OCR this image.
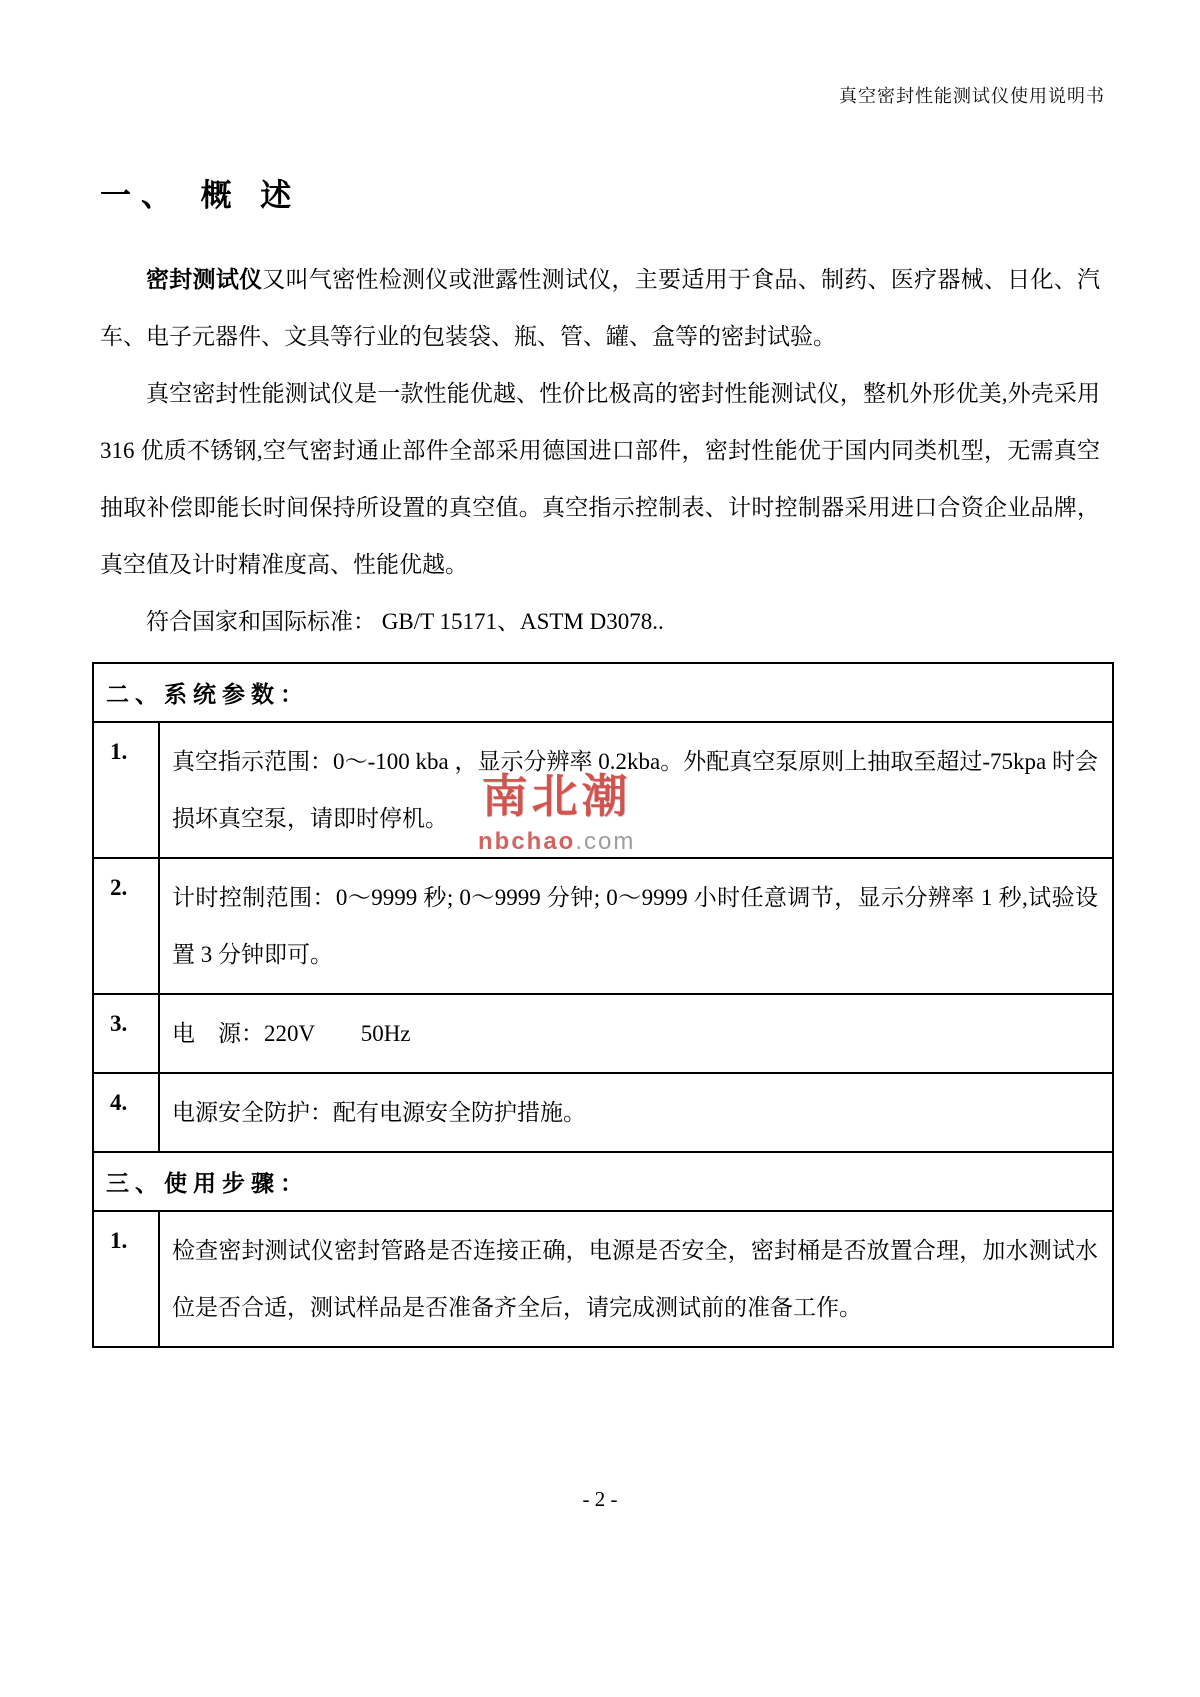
真空密封性能测试仪使用说明书
一、 概 述

密封测试仪又叫气密性检测仪或泄露性测试仪，主要适用于食品、制药、医疗器械、日化、汽车、电子元器件、文具等行业的包装袋、瓶、管、罐、盒等的密封试验。

真空密封性能测试仪是一款性能优越、性价比极高的密封性能测试仪，整机外形优美,外壳采用 316 优质不锈钢,空气密封通止部件全部采用德国进口部件，密封性能优于国内同类机型，无需真空抽取补偿即能长时间保持所设置的真空值。真空指示控制表、计时控制器采用进口合资企业品牌，真空值及计时精准度高、性能优越。

符合国家和国际标准： GB/T 15171、ASTM D3078..

二、系统参数：	
1.	真空指示范围：0～-100 kba ，显示分辨率 0.2kba。外配真空泵原则上抽取至超过-75kpa 时会损坏真空泵，请即时停机。
2.	计时控制范围：0～9999 秒; 0～9999 分钟; 0～9999 小时任意调节，显示分辨率 1 秒,试验设置 3 分钟即可。
3.	电　源：220V　　50Hz
4.	电源安全防护：配有电源安全防护措施。
三、使用步骤：	
1.	检查密封测试仪密封管路是否连接正确，电源是否安全，密封桶是否放置合理，加水测试水位是否合适，测试样品是否准备齐全后，请完成测试前的准备工作。
南北潮
nbchao.com
- 2 -
